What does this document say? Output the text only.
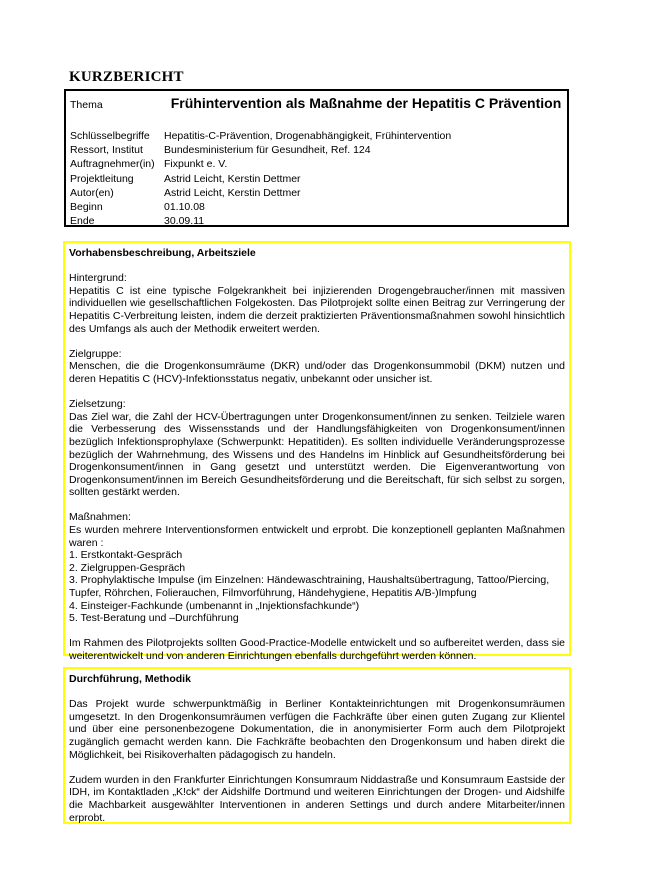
KURZBERICHT
Thema	Frühintervention als Maßnahme der Hepatitis C Prävention
Schlüsselbegriffe	Hepatitis-C-Prävention, Drogenabhängigkeit, Frühintervention
Ressort, Institut	Bundesministerium für Gesundheit, Ref. 124
Auftragnehmer(in) Fixpunkt e. V.
Projektleitung	Astrid Leicht, Kerstin Dettmer
Autor(en)	Astrid Leicht, Kerstin Dettmer
Beginn	01.10.08
Ende	30.09.11
Vorhabensbeschreibung, Arbeitsziele
Hintergrund:
Hepatitis C ist eine typische Folgekrankheit bei injizierenden Drogengebraucher/innen mit massiven individuellen wie gesellschaftlichen Folgekosten. Das Pilotprojekt sollte einen Beitrag zur Verringerung der Hepatitis C-Verbreitung leisten, indem die derzeit praktizierten Präventionsmaßnahmen sowohl hinsichtlich des Umfangs als auch der Methodik erweitert werden.
Zielgruppe:
Menschen, die die Drogenkonsumräume (DKR) und/oder das Drogenkonsummobil (DKM) nutzen und deren Hepatitis C (HCV)-Infektionsstatus negativ, unbekannt oder unsicher ist.
Zielsetzung:
Das Ziel war, die Zahl der HCV-Übertragungen unter Drogenkonsument/innen zu senken. Teilziele waren die Verbesserung des Wissensstands und der Handlungsfähigkeiten von Drogenkonsument/innen bezüglich Infektionsprophylaxe (Schwerpunkt: Hepatitiden). Es sollten individuelle Veränderungsprozesse bezüglich der Wahrnehmung, des Wissens und des Handelns im Hinblick auf Gesundheitsförderung bei Drogenkonsument/innen in Gang gesetzt und unterstützt werden. Die Eigenverantwortung von Drogenkonsument/innen im Bereich Gesundheitsförderung und die Bereitschaft, für sich selbst zu sorgen, sollten gestärkt werden.
Maßnahmen:
Es wurden mehrere Interventionsformen entwickelt und erprobt. Die konzeptionell geplanten Maßnahmen waren :
1. Erstkontakt-Gespräch
2. Zielgruppen-Gespräch
3. Prophylaktische Impulse (im Einzelnen: Händewaschtraining, Haushaltsübertragung, Tattoo/Piercing, Tupfer, Röhrchen, Folierauchen, Filmvorführung, Händehygiene, Hepatitis A/B-)Impfung
4. Einsteiger-Fachkunde (umbenannt in „Injektionsfachkunde“)
5. Test-Beratung und –Durchführung
Im Rahmen des Pilotprojekts sollten Good-Practice-Modelle entwickelt und so aufbereitet werden, dass sie weiterentwickelt und von anderen Einrichtungen ebenfalls durchgeführt werden können.
Durchführung, Methodik
Das Projekt wurde schwerpunktmäßig in Berliner Kontakteinrichtungen mit Drogenkonsumräumen umgesetzt. In den Drogenkonsumräumen verfügen die Fachkräfte über einen guten Zugang zur Klientel und über eine personenbezogene Dokumentation, die in anonymisierter Form auch dem Pilotprojekt zugänglich gemacht werden kann. Die Fachkräfte beobachten den Drogenkonsum und haben direkt die Möglichkeit, bei Risikoverhalten pädagogisch zu handeln.
Zudem wurden in den Frankfurter Einrichtungen Konsumraum Niddastraße und Konsumraum Eastside der IDH, im Kontaktladen „K!ck“ der Aidshilfe Dortmund und weiteren Einrichtungen der Drogen- und Aidshilfe die Machbarkeit ausgewählter Interventionen in anderen Settings und durch andere Mitarbeiter/innen erprobt.
